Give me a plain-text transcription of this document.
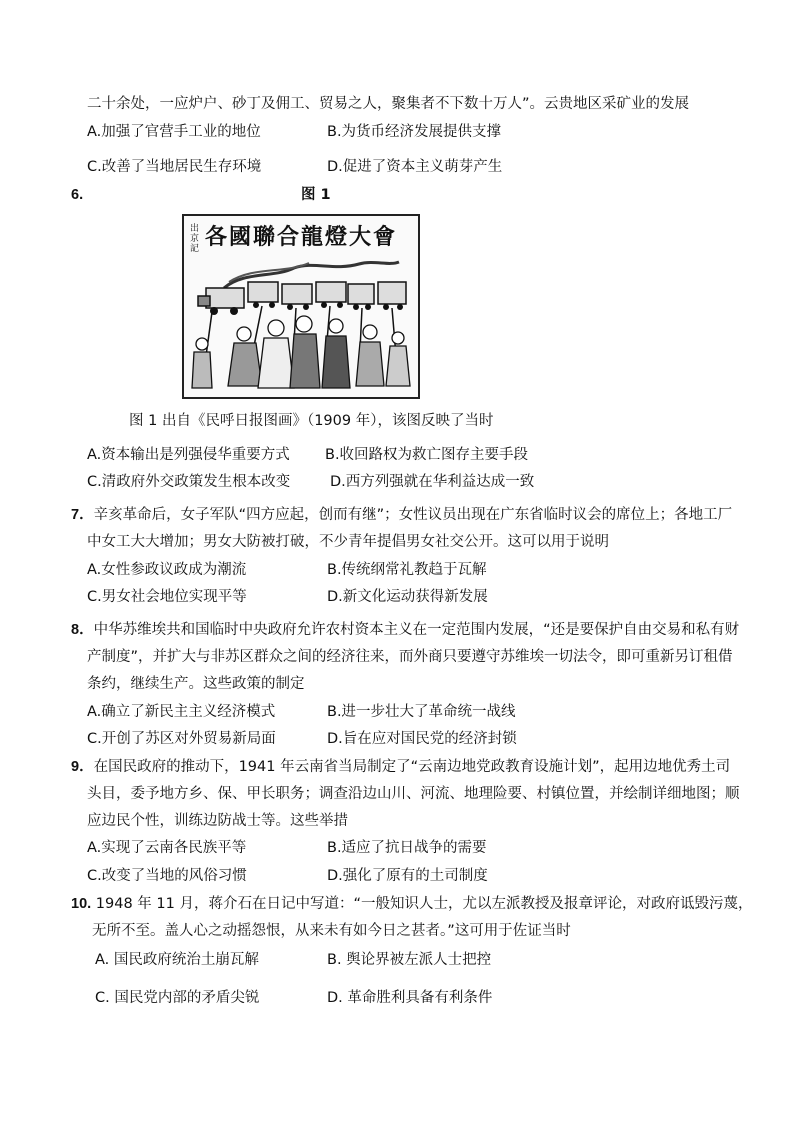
二十余处，一应炉户、砂丁及佣工、贸易之人，聚集者不下数十万人”。云贵地区采矿业的发展
A.加强了官营手工业的地位	B.为货币经济发展提供支撑
C.改善了当地居民生存环境	D.促进了资本主义萌芽产生
6.	图 1
出京記 各國聯合龍燈大會
图 1 出自《民呼日报图画》（1909 年），该图反映了当时
A.资本输出是列强侵华重要方式 B.收回路权为救亡图存主要手段
C.清政府外交政策发生根本改变	D.西方列强就在华利益达成一致
7．辛亥革命后，女子军队“四方应起，创而有继”；女性议员出现在广东省临时议会的席位上；各地工厂
中女工大大增加；男女大防被打破，不少青年提倡男女社交公开。这可以用于说明
A.女性参政议政成为潮流	B.传统纲常礼教趋于瓦解
C.男女社会地位实现平等	D.新文化运动获得新发展
8．中华苏维埃共和国临时中央政府允许农村资本主义在一定范围内发展，“还是要保护自由交易和私有财
产制度”，并扩大与非苏区群众之间的经济往来，而外商只要遵守苏维埃一切法令，即可重新另订租借
条约，继续生产。这些政策的制定
A.确立了新民主主义经济模式	B.进一步壮大了革命统一战线
C.开创了苏区对外贸易新局面	D.旨在应对国民党的经济封锁
9．在国民政府的推动下，1941 年云南省当局制定了“云南边地党政教育设施计划”，起用边地优秀土司
头目，委予地方乡、保、甲长职务；调查沿边山川、河流、地理险要、村镇位置，并绘制详细地图；顺
应边民个性，训练边防战士等。这些举措
A.实现了云南各民族平等	B.适应了抗日战争的需要
C.改变了当地的风俗习惯	D.强化了原有的土司制度
10. 1948 年 11 月，蒋介石在日记中写道：“一般知识人士，尤以左派教授及报章评论，对政府诋毁污蔑，
无所不至。盖人心之动摇怨恨，从来未有如今日之甚者。”这可用于佐证当时
A. 国民政府统治土崩瓦解	B. 舆论界被左派人士把控
C. 国民党内部的矛盾尖锐	D. 革命胜利具备有利条件
